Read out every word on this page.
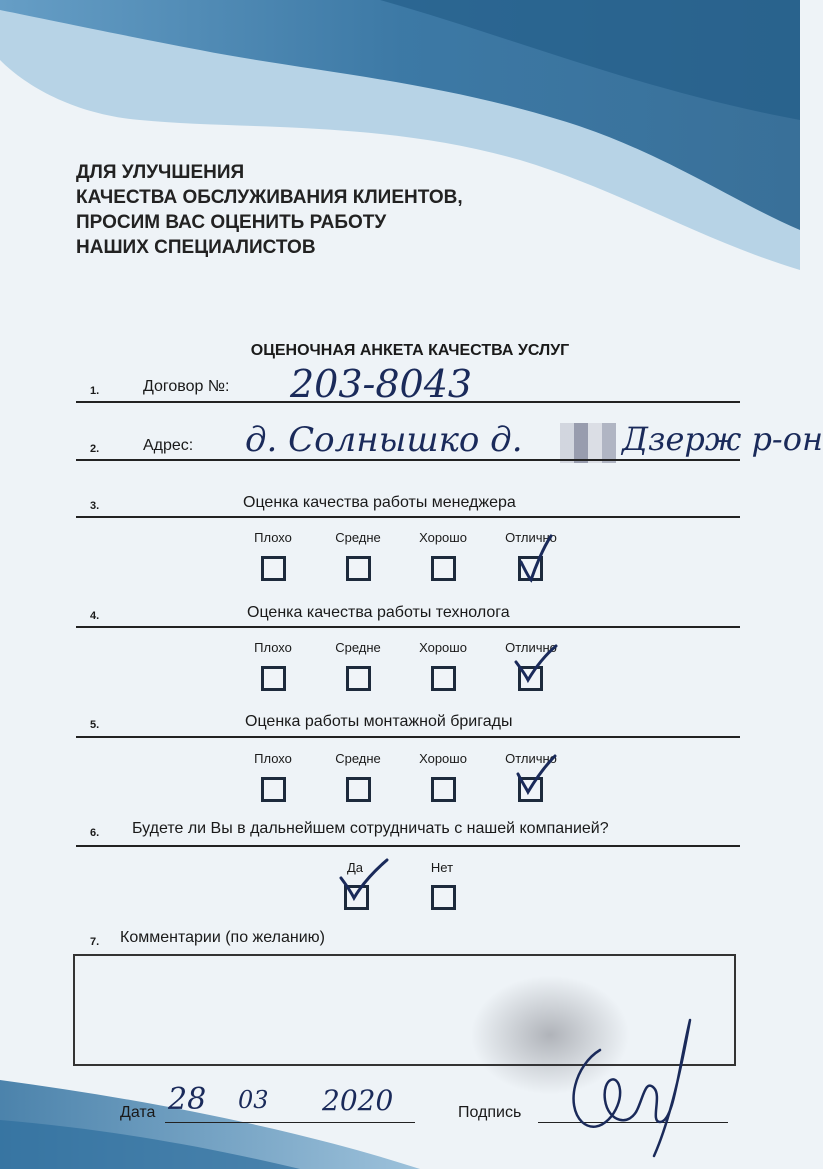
ДЛЯ УЛУЧШЕНИЯ
КАЧЕСТВА ОБСЛУЖИВАНИЯ КЛИЕНТОВ,
ПРОСИМ ВАС ОЦЕНИТЬ РАБОТУ
НАШИХ СПЕЦИАЛИСТОВ
ОЦЕНОЧНАЯ АНКЕТА КАЧЕСТВА УСЛУГ
1.	Договор №: 203-8043
2.	Адрес: д. Солнышко д.	Дзерж р-он
3.	Оценка качества работы менеджера
Плохо	Средне	Хорошо	Отлично
4.	Оценка качества работы технолога
Плохо	Средне	Хорошо	Отлично
5.	Оценка работы монтажной бригады
Плохо	Средне	Хорошо	Отлично
6. Будете ли Вы в дальнейшем сотрудничать с нашей компанией?
Да	Нет
7. Комментарии (по желанию)
Дата 28 03 2020	Подпись
